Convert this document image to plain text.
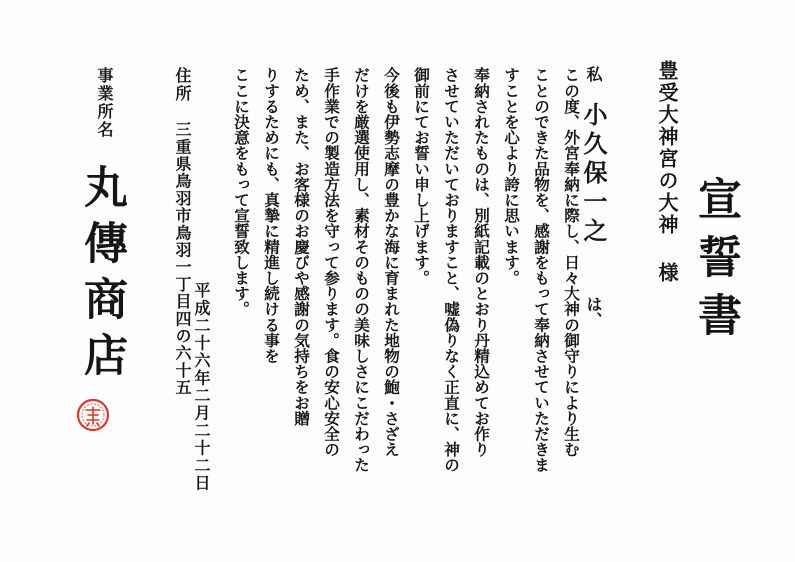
宣誓書
豊受大神宮の大神
様
私
小久保一之
は、
この度、外宮奉納に際し、日々大神の御守りにより生む
ことのできた品物を、感謝をもって奉納させていただきま
すことを心より誇に思います。
奉納されたものは、別紙記載のとおり丹精込めてお作り
させていただいておりますこと、嘘偽りなく正直に、神の
御前にてお誓い申し上げます。
今後も伊勢志摩の豊かな海に育まれた地物の鮑・さざえ
だけを厳選使用し、素材そのものの美味しさにこだわった
手作業での製造方法を守って参ります。食の安心安全の
ため、また、お客様のお慶びや感謝の気持ちをお贈
りするためにも、真摯に精進し続ける事を
ここに決意をもって宣誓致します。
平成二十六年二月二十二日
住所
三重県鳥羽市鳥羽一丁目四の六十五
事業所名
丸傳商店
